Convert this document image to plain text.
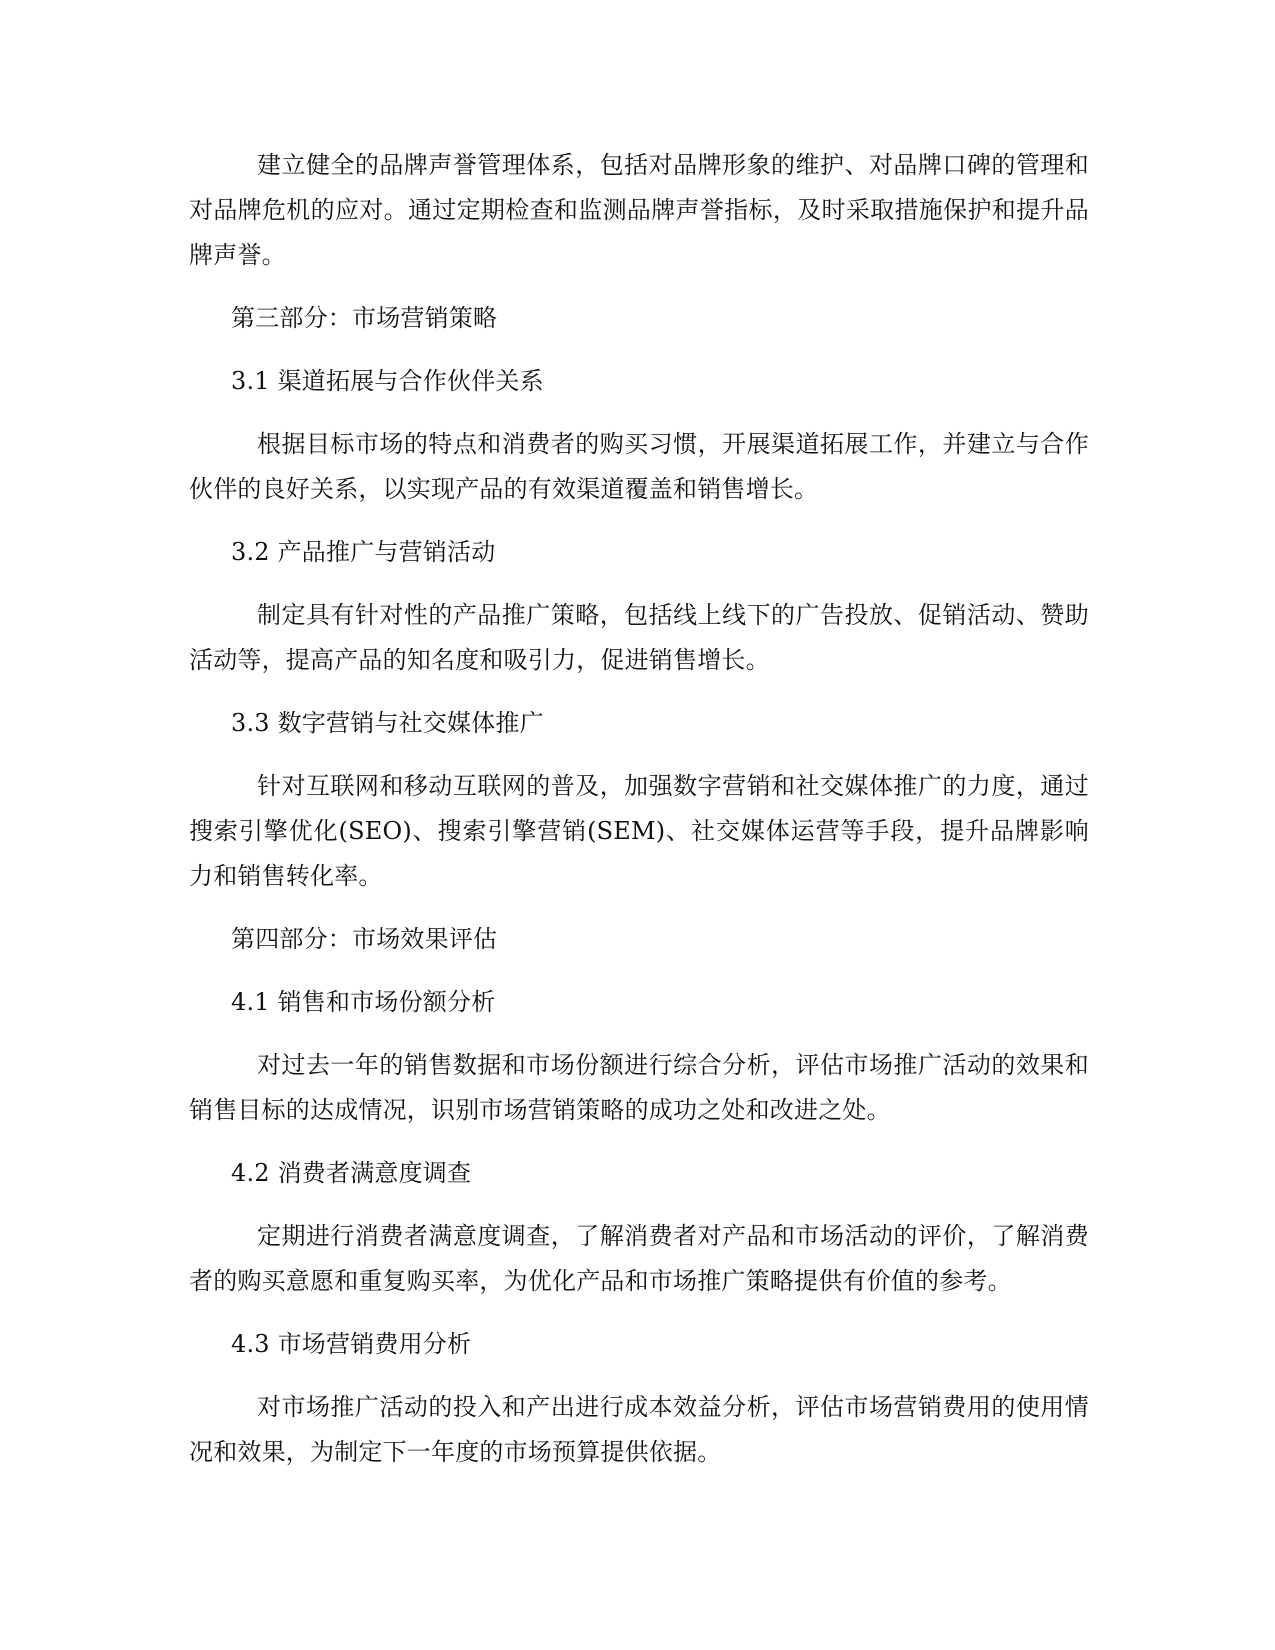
建立健全的品牌声誉管理体系，包括对品牌形象的维护、对品牌口碑的管理和对品牌危机的应对。通过定期检查和监测品牌声誉指标，及时采取措施保护和提升品牌声誉。

第三部分：市场营销策略

3.1 渠道拓展与合作伙伴关系

根据目标市场的特点和消费者的购买习惯，开展渠道拓展工作，并建立与合作伙伴的良好关系，以实现产品的有效渠道覆盖和销售增长。

3.2 产品推广与营销活动

制定具有针对性的产品推广策略，包括线上线下的广告投放、促销活动、赞助活动等，提高产品的知名度和吸引力，促进销售增长。

3.3 数字营销与社交媒体推广

针对互联网和移动互联网的普及，加强数字营销和社交媒体推广的力度，通过搜索引擎优化(SEO)、搜索引擎营销(SEM)、社交媒体运营等手段，提升品牌影响力和销售转化率。

第四部分：市场效果评估

4.1 销售和市场份额分析

对过去一年的销售数据和市场份额进行综合分析，评估市场推广活动的效果和销售目标的达成情况，识别市场营销策略的成功之处和改进之处。

4.2 消费者满意度调查

定期进行消费者满意度调查，了解消费者对产品和市场活动的评价，了解消费者的购买意愿和重复购买率，为优化产品和市场推广策略提供有价值的参考。

4.3 市场营销费用分析

对市场推广活动的投入和产出进行成本效益分析，评估市场营销费用的使用情况和效果，为制定下一年度的市场预算提供依据。
